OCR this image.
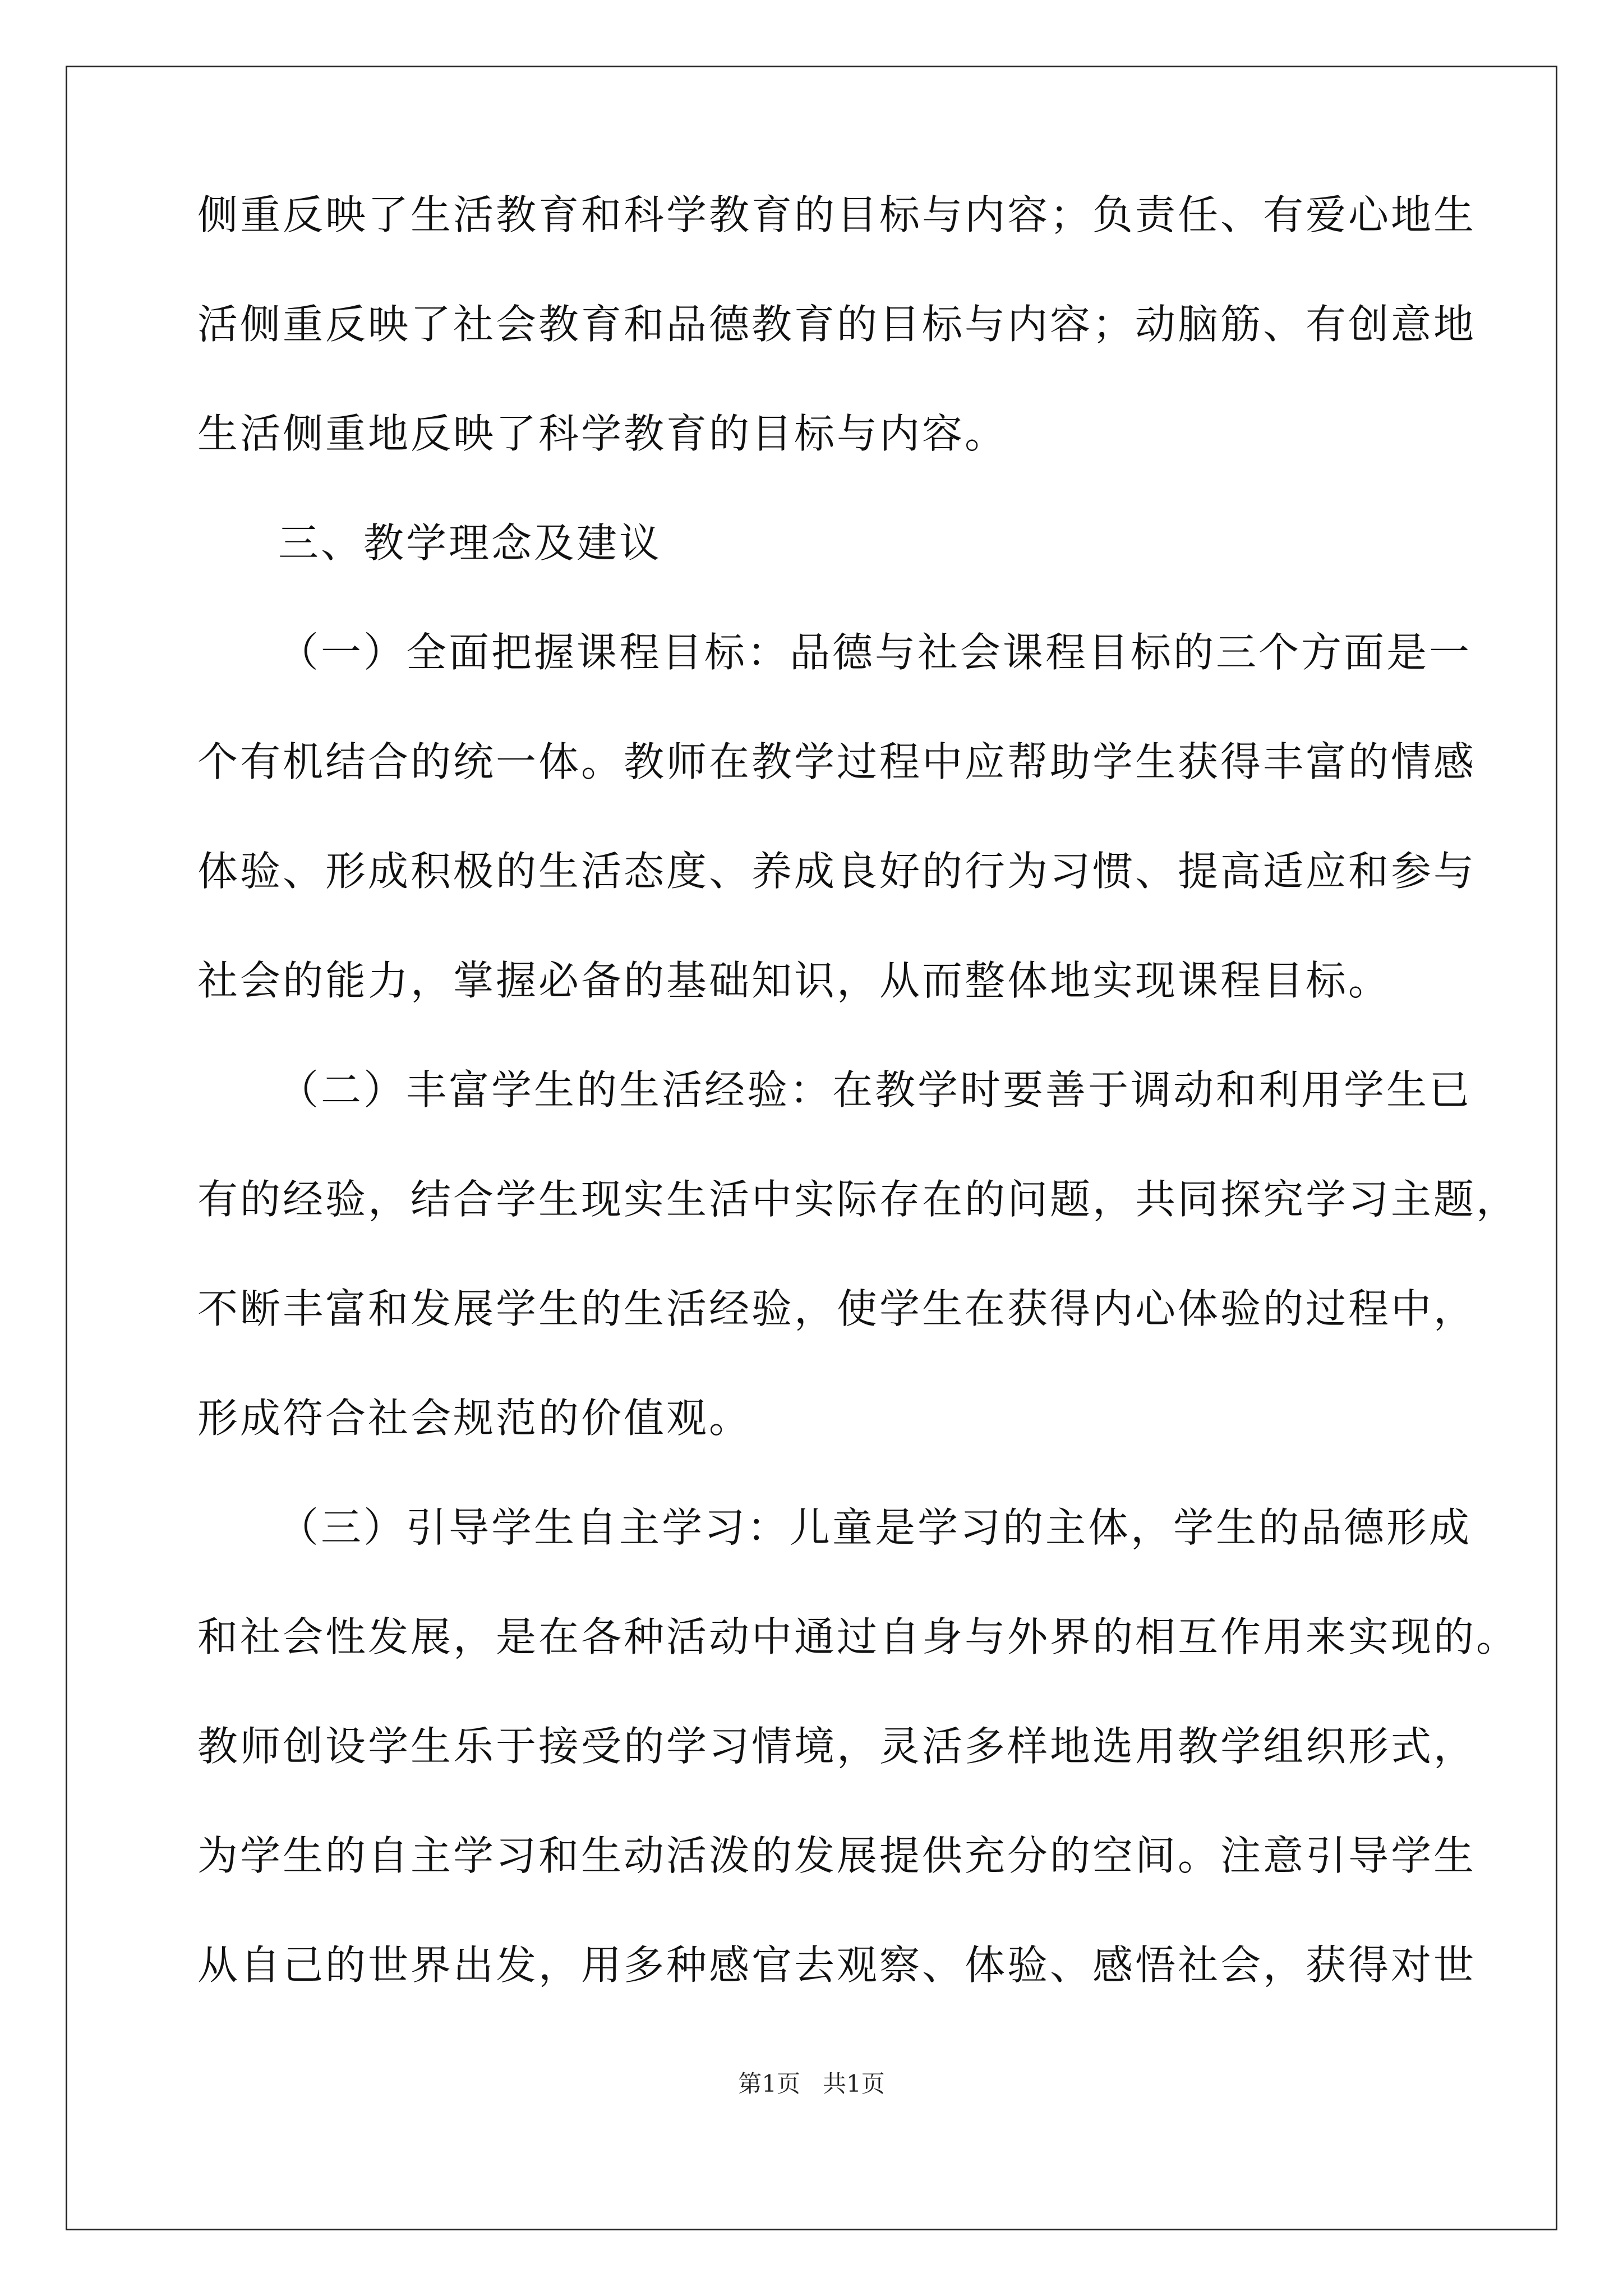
侧重反映了生活教育和科学教育的目标与内容；负责任、有爱心地生
活侧重反映了社会教育和品德教育的目标与内容；动脑筋、有创意地
生活侧重地反映了科学教育的目标与内容。
三、教学理念及建议
（一）全面把握课程目标：品德与社会课程目标的三个方面是一
个有机结合的统一体。教师在教学过程中应帮助学生获得丰富的情感
体验、形成积极的生活态度、养成良好的行为习惯、提高适应和参与
社会的能力，掌握必备的基础知识，从而整体地实现课程目标。
（二）丰富学生的生活经验：在教学时要善于调动和利用学生已
有的经验，结合学生现实生活中实际存在的问题，共同探究学习主题，
不断丰富和发展学生的生活经验，使学生在获得内心体验的过程中，
形成符合社会规范的价值观。
（三）引导学生自主学习：儿童是学习的主体，学生的品德形成
和社会性发展，是在各种活动中通过自身与外界的相互作用来实现的。
教师创设学生乐于接受的学习情境，灵活多样地选用教学组织形式，
为学生的自主学习和生动活泼的发展提供充分的空间。注意引导学生
从自己的世界出发，用多种感官去观察、体验、感悟社会，获得对世
第1页   共1页
